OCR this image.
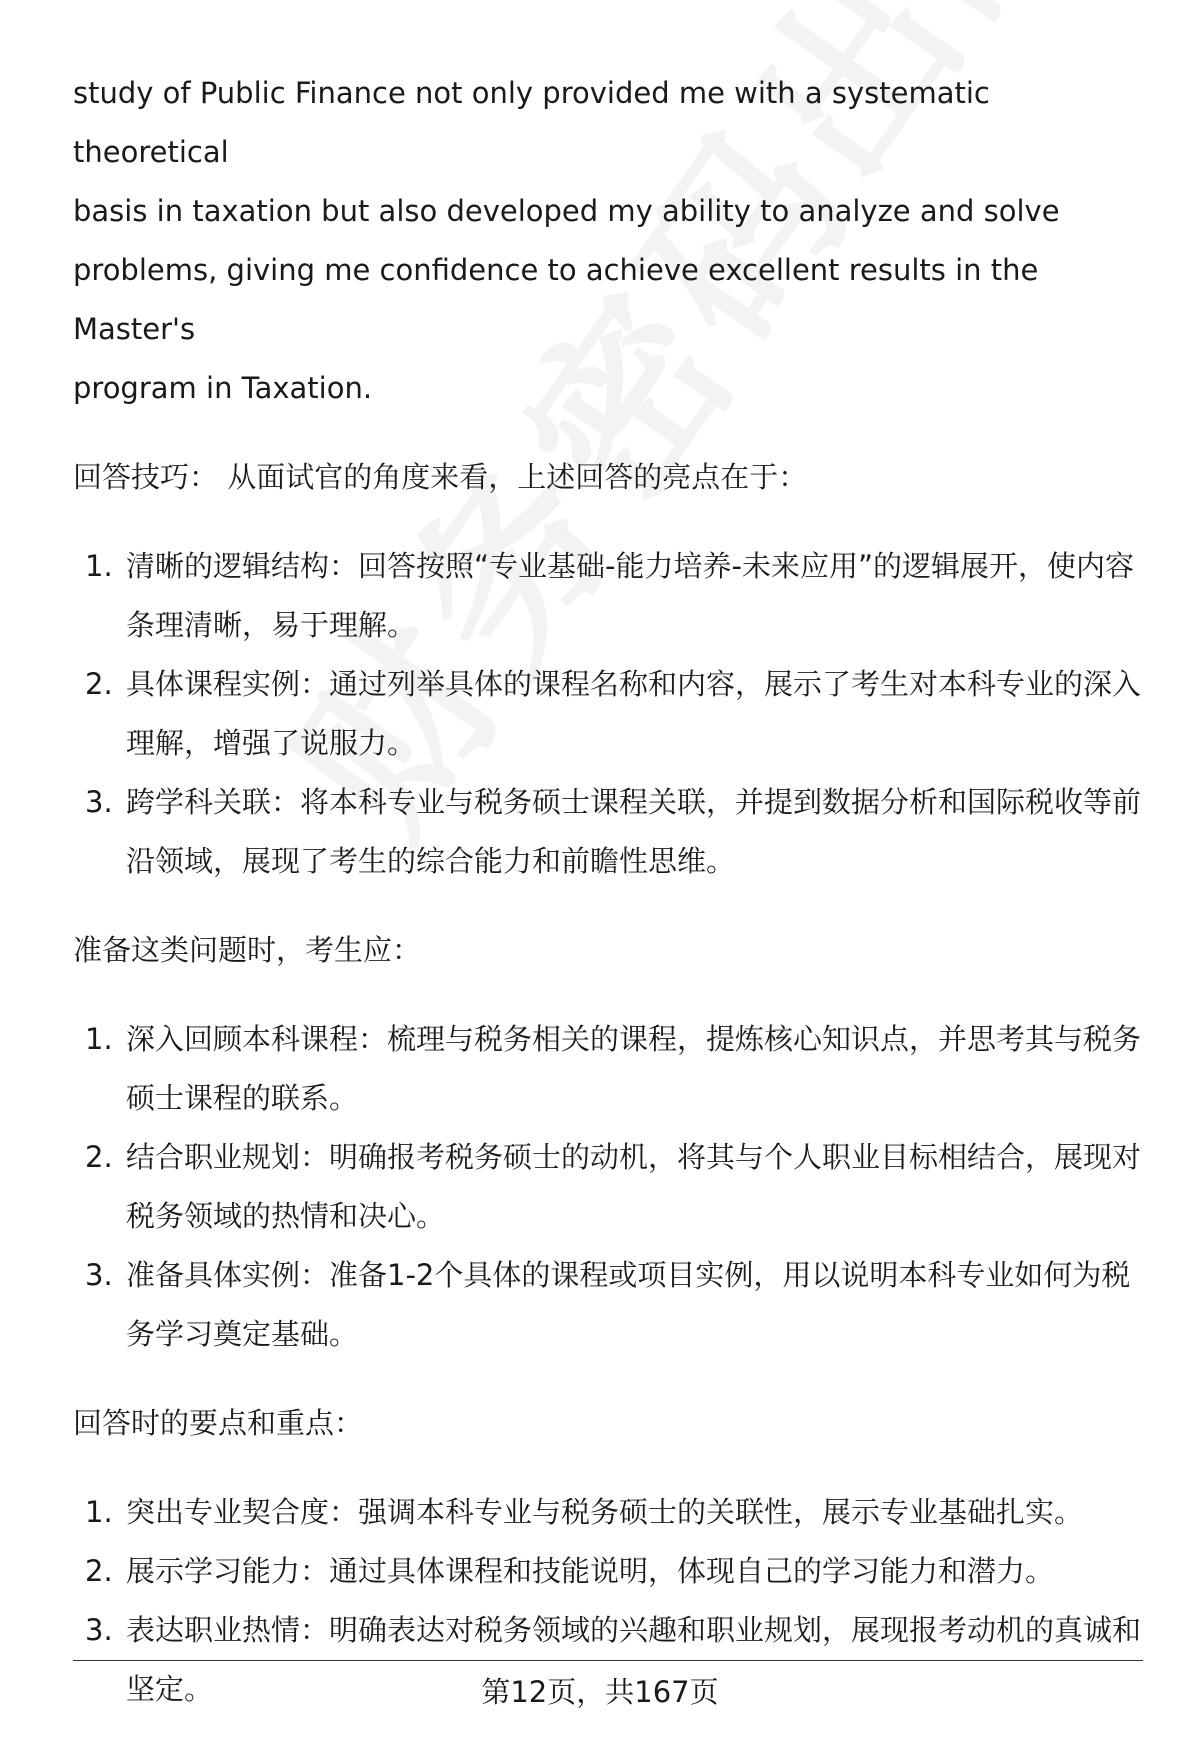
study of Public Finance not only provided me with a systematic theoretical
basis in taxation but also developed my ability to analyze and solve
problems, giving me confidence to achieve excellent results in the Master's
program in Taxation.

回答技巧： 从面试官的角度来看，上述回答的亮点在于：

1. 清晰的逻辑结构：回答按照“专业基础-能力培养-未来应用”的逻辑展开，使内容条理清晰，易于理解。
2. 具体课程实例：通过列举具体的课程名称和内容，展示了考生对本科专业的深入理解，增强了说服力。
3. 跨学科关联：将本科专业与税务硕士课程关联，并提到数据分析和国际税收等前沿领域，展现了考生的综合能力和前瞻性思维。

准备这类问题时，考生应：

1. 深入回顾本科课程：梳理与税务相关的课程，提炼核心知识点，并思考其与税务硕士课程的联系。
2. 结合职业规划：明确报考税务硕士的动机，将其与个人职业目标相结合，展现对税务领域的热情和决心。
3. 准备具体实例：准备1-2个具体的课程或项目实例，用以说明本科专业如何为税务学习奠定基础。

回答时的要点和重点：

1. 突出专业契合度：强调本科专业与税务硕士的关联性，展示专业基础扎实。
2. 展示学习能力：通过具体课程和技能说明，体现自己的学习能力和潜力。
3. 表达职业热情：明确表达对税务领域的兴趣和职业规划，展现报考动机的真诚和坚定。	第12页，共167页
